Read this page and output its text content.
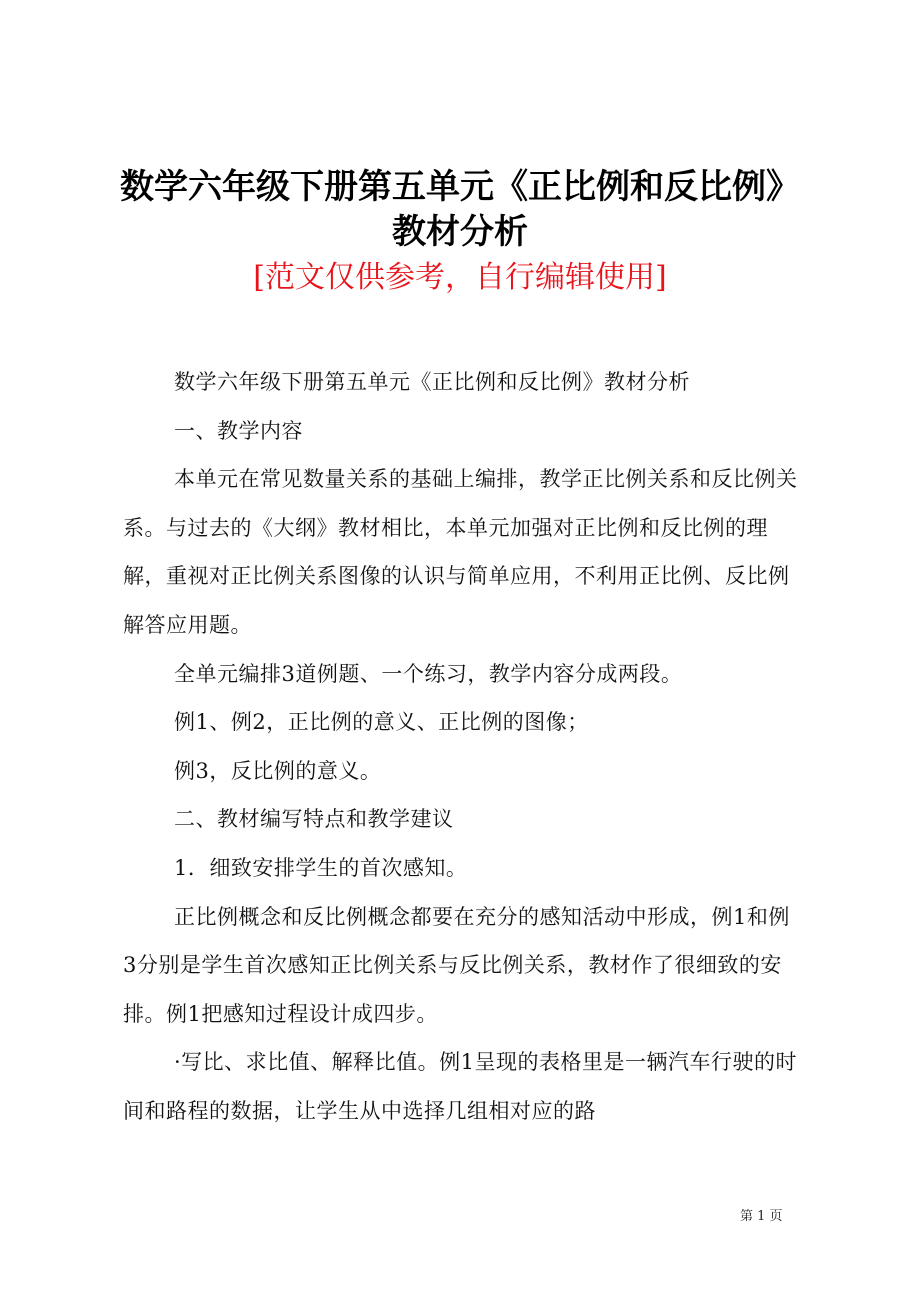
数学六年级下册第五单元《正比例和反比例》
教材分析
[范文仅供参考，自行编辑使用]

数学六年级下册第五单元《正比例和反比例》教材分析

一、教学内容

本单元在常见数量关系的基础上编排，教学正比例关系和反比例关系。与过去的《大纲》教材相比，本单元加强对正比例和反比例的理解，重视对正比例关系图像的认识与简单应用，不利用正比例、反比例解答应用题。

全单元编排3道例题、一个练习，教学内容分成两段。

例1、例2，正比例的意义、正比例的图像；

例3，反比例的意义。

二、教材编写特点和教学建议

1．细致安排学生的首次感知。

正比例概念和反比例概念都要在充分的感知活动中形成，例1和例3分别是学生首次感知正比例关系与反比例关系，教材作了很细致的安排。例1把感知过程设计成四步。

·写比、求比值、解释比值。例1呈现的表格里是一辆汽车行驶的时间和路程的数据，让学生从中选择几组相对应的路

第 1 页
